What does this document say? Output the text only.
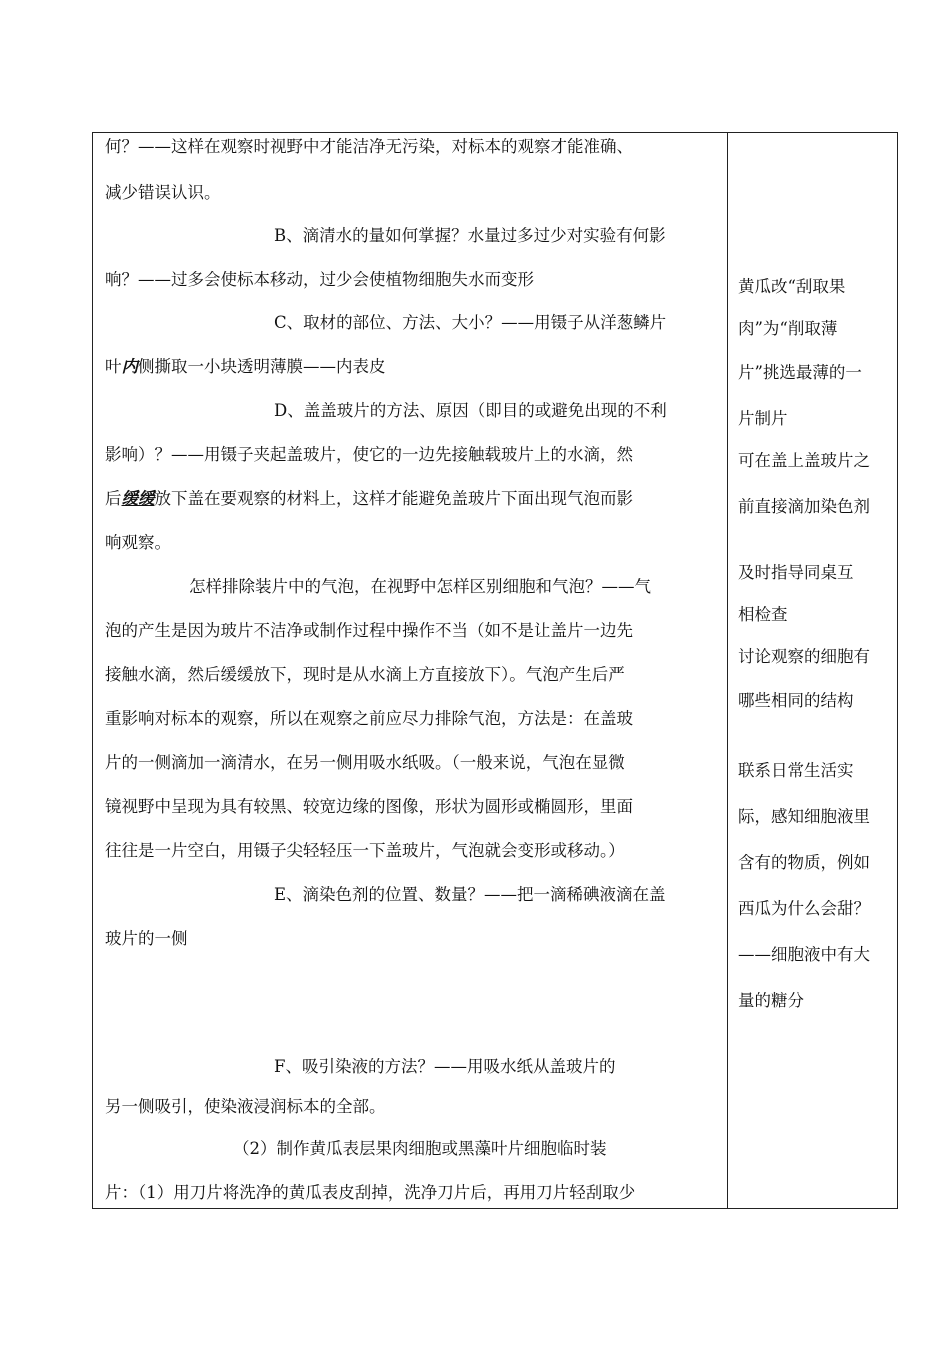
何？——这样在观察时视野中才能洁净无污染，对标本的观察才能准确、
减少错误认识。
B、滴清水的量如何掌握？水量过多过少对实验有何影
响？——过多会使标本移动，过少会使植物细胞失水而变形
C、取材的部位、方法、大小？——用镊子从洋葱鳞片
叶内侧撕取一小块透明薄膜——内表皮
D、盖盖玻片的方法、原因（即目的或避免出现的不利
影响）？——用镊子夹起盖玻片，使它的一边先接触载玻片上的水滴，然
后缓缓放下盖在要观察的材料上，这样才能避免盖玻片下面出现气泡而影
响观察。
怎样排除装片中的气泡，在视野中怎样区别细胞和气泡？——气
泡的产生是因为玻片不洁净或制作过程中操作不当（如不是让盖片一边先
接触水滴，然后缓缓放下，现时是从水滴上方直接放下）。气泡产生后严
重影响对标本的观察，所以在观察之前应尽力排除气泡，方法是：在盖玻
片的一侧滴加一滴清水，在另一侧用吸水纸吸。（一般来说，气泡在显微
镜视野中呈现为具有较黑、较宽边缘的图像，形状为圆形或椭圆形，里面
往往是一片空白，用镊子尖轻轻压一下盖玻片，气泡就会变形或移动。）
E、滴染色剂的位置、数量？——把一滴稀碘液滴在盖
玻片的一侧
F、吸引染液的方法？——用吸水纸从盖玻片的
另一侧吸引，使染液浸润标本的全部。
（2）制作黄瓜表层果肉细胞或黑藻叶片细胞临时装
片：（1）用刀片将洗净的黄瓜表皮刮掉，洗净刀片后，再用刀片轻刮取少
黄瓜改“刮取果
肉”为“削取薄
片”挑选最薄的一
片制片
可在盖上盖玻片之
前直接滴加染色剂
及时指导同桌互
相检查
讨论观察的细胞有
哪些相同的结构
联系日常生活实
际，感知细胞液里
含有的物质，例如
西瓜为什么会甜？
——细胞液中有大
量的糖分
